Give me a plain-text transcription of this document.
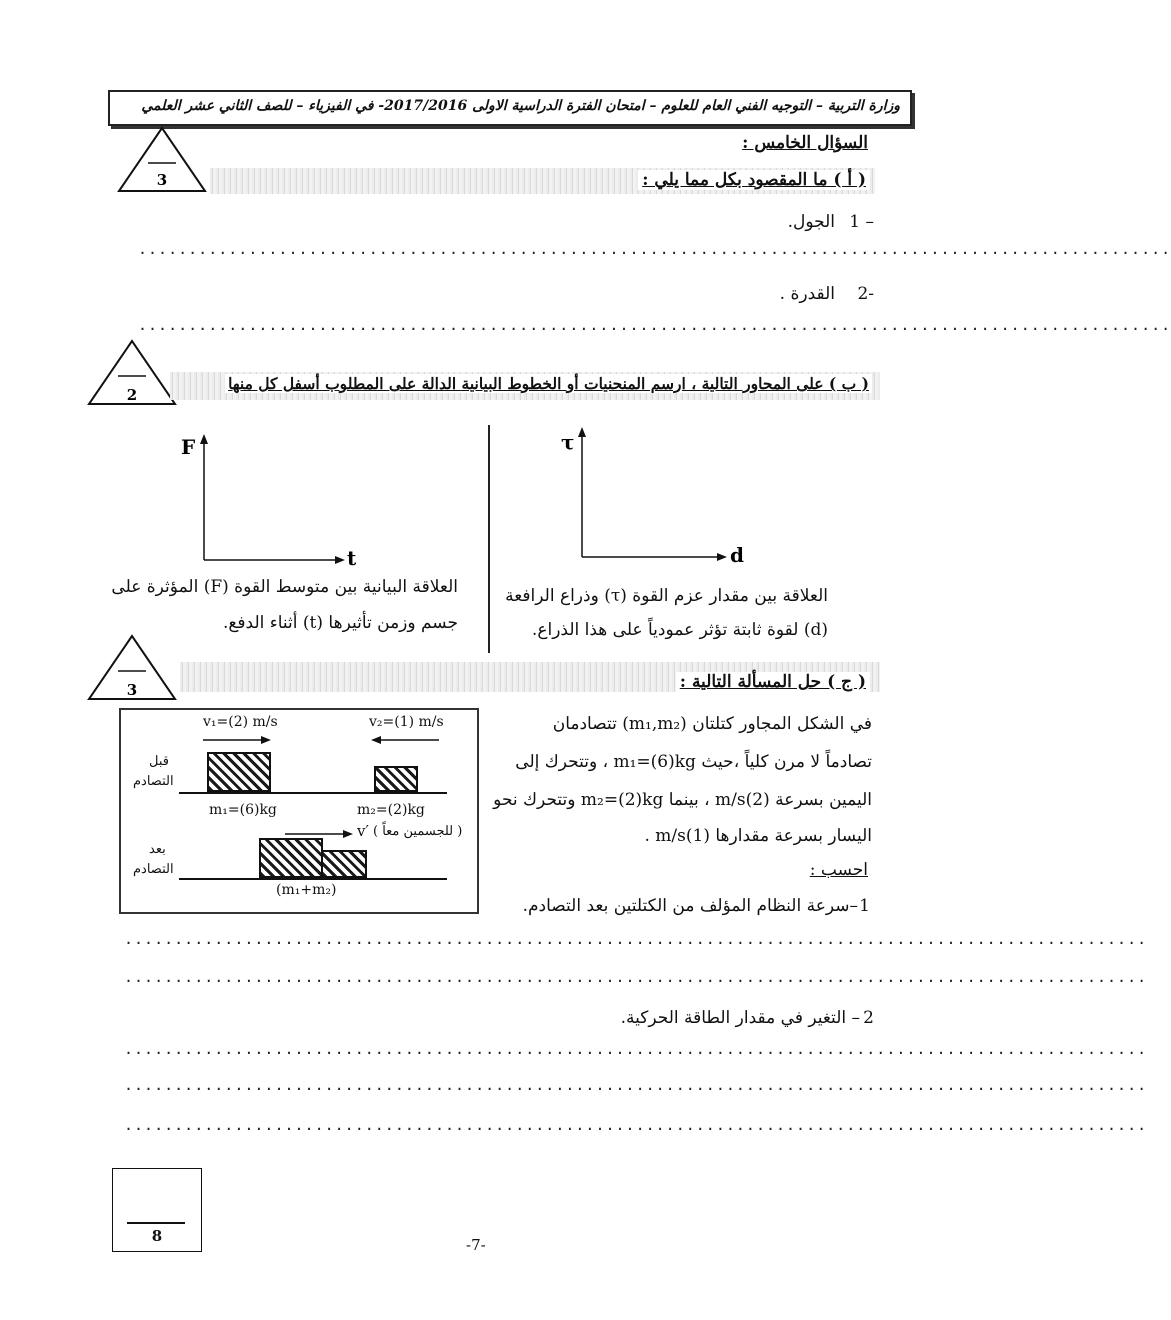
وزارة التربية – التوجيه الفني العام للعلوم – امتحان الفترة الدراسية الاولى 2017/2016- في الفيزياء – للصف الثاني عشر العلمي
السؤال الخامس :
3	( أ ) ما المقصود بكل مما يلي :
1 –
الجول.
.......................................................................................................
2-
القدرة .
.......................................................................................................
2
( ب ) على المحاور التالية ، ارسم المنحنيات أو الخطوط البيانية الدالة على المطلوب أسفل كل منها
τ
d
العلاقة بين مقدار عزم القوة (τ) وذراع الرافعة
(d) لقوة ثابتة تؤثر عمودياً على هذا الذراع.
F
t
العلاقة البيانية بين متوسط القوة (F) المؤثرة على
جسم وزمن تأثيرها (t) أثناء الدفع.
3	( ج ) حل المسألة التالية :
v₁=(2) m/s	v₂=(1) m/s
قبل
التصادم
m₁=(6)kg	m₂=(2)kg
v′ ( للجسمين معاً )
بعد
التصادم
(m₁+m₂)
في الشكل المجاور كتلتان (m₁,m₂) تتصادمان
تصادماً لا مرن كلياً ،حيث m₁=(6)kg ، وتتحرك إلى
اليمين بسرعة (2)m/s ، بينما m₂=(2)kg وتتحرك نحو
اليسار بسرعة مقدارها (1)m/s .
احسب :
1
–سرعة النظام المؤلف من الكتلتين بعد التصادم.
......................................................................................................
......................................................................................................
2
– التغير في مقدار الطاقة الحركية.
......................................................................................................
......................................................................................................
......................................................................................................
8	-7-
